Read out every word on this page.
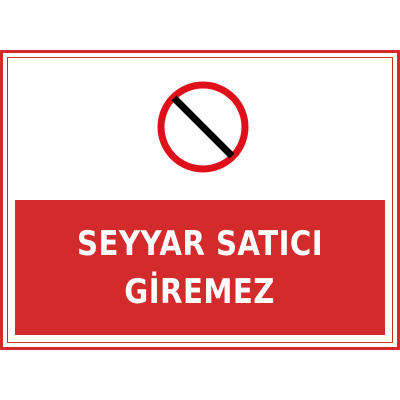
SEYYAR SATICI
GİREMEZ
